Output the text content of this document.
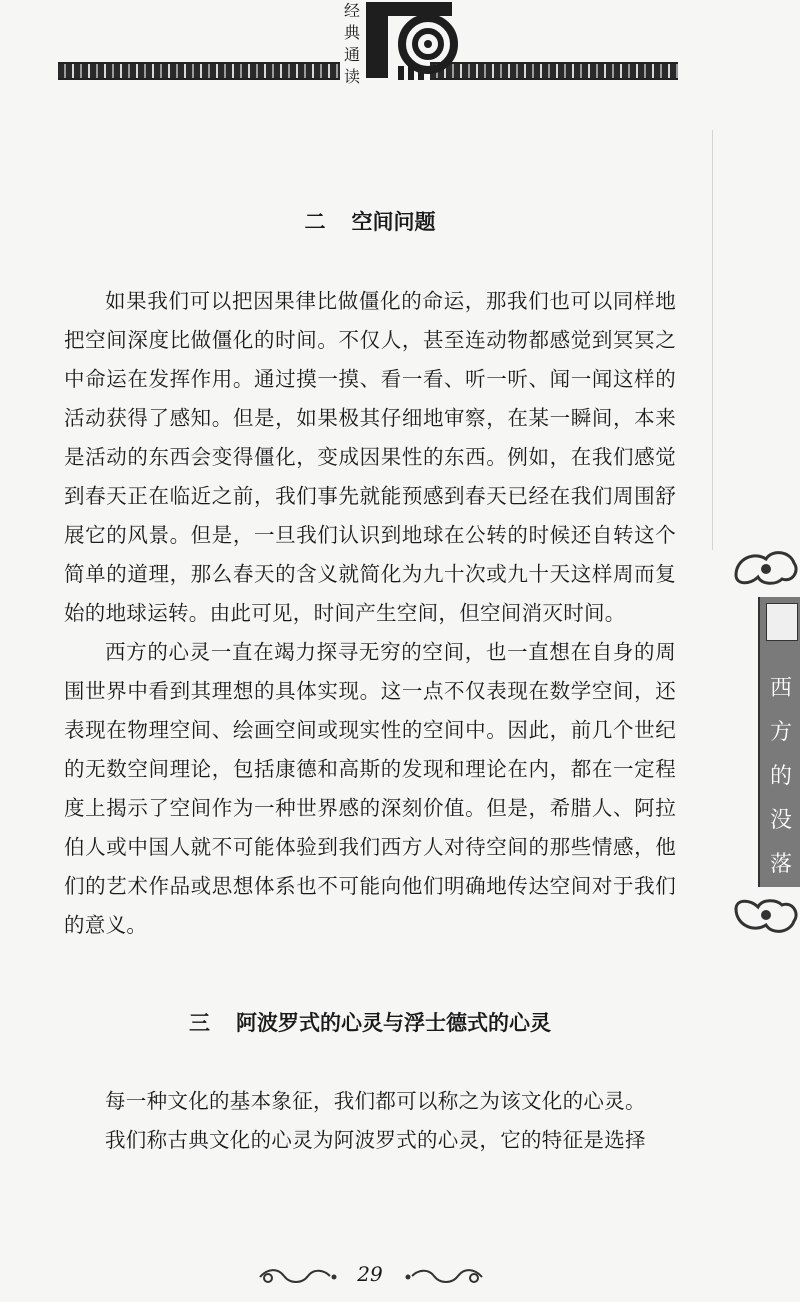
经
典
通
读
西
方
的
没
落
二 空间问题

如果我们可以把因果律比做僵化的命运，那我们也可以同样地把空间深度比做僵化的时间。不仅人，甚至连动物都感觉到冥冥之中命运在发挥作用。通过摸一摸、看一看、听一听、闻一闻这样的活动获得了感知。但是，如果极其仔细地审察，在某一瞬间，本来是活动的东西会变得僵化，变成因果性的东西。例如，在我们感觉到春天正在临近之前，我们事先就能预感到春天已经在我们周围舒展它的风景。但是，一旦我们认识到地球在公转的时候还自转这个简单的道理，那么春天的含义就简化为九十次或九十天这样周而复始的地球运转。由此可见，时间产生空间，但空间消灭时间。

西方的心灵一直在竭力探寻无穷的空间，也一直想在自身的周围世界中看到其理想的具体实现。这一点不仅表现在数学空间，还表现在物理空间、绘画空间或现实性的空间中。因此，前几个世纪的无数空间理论，包括康德和高斯的发现和理论在内，都在一定程度上揭示了空间作为一种世界感的深刻价值。但是，希腊人、阿拉伯人或中国人就不可能体验到我们西方人对待空间的那些情感，他们的艺术作品或思想体系也不可能向他们明确地传达空间对于我们的意义。

三 阿波罗式的心灵与浮士德式的心灵

每一种文化的基本象征，我们都可以称之为该文化的心灵。

我们称古典文化的心灵为阿波罗式的心灵，它的特征是选择

29
